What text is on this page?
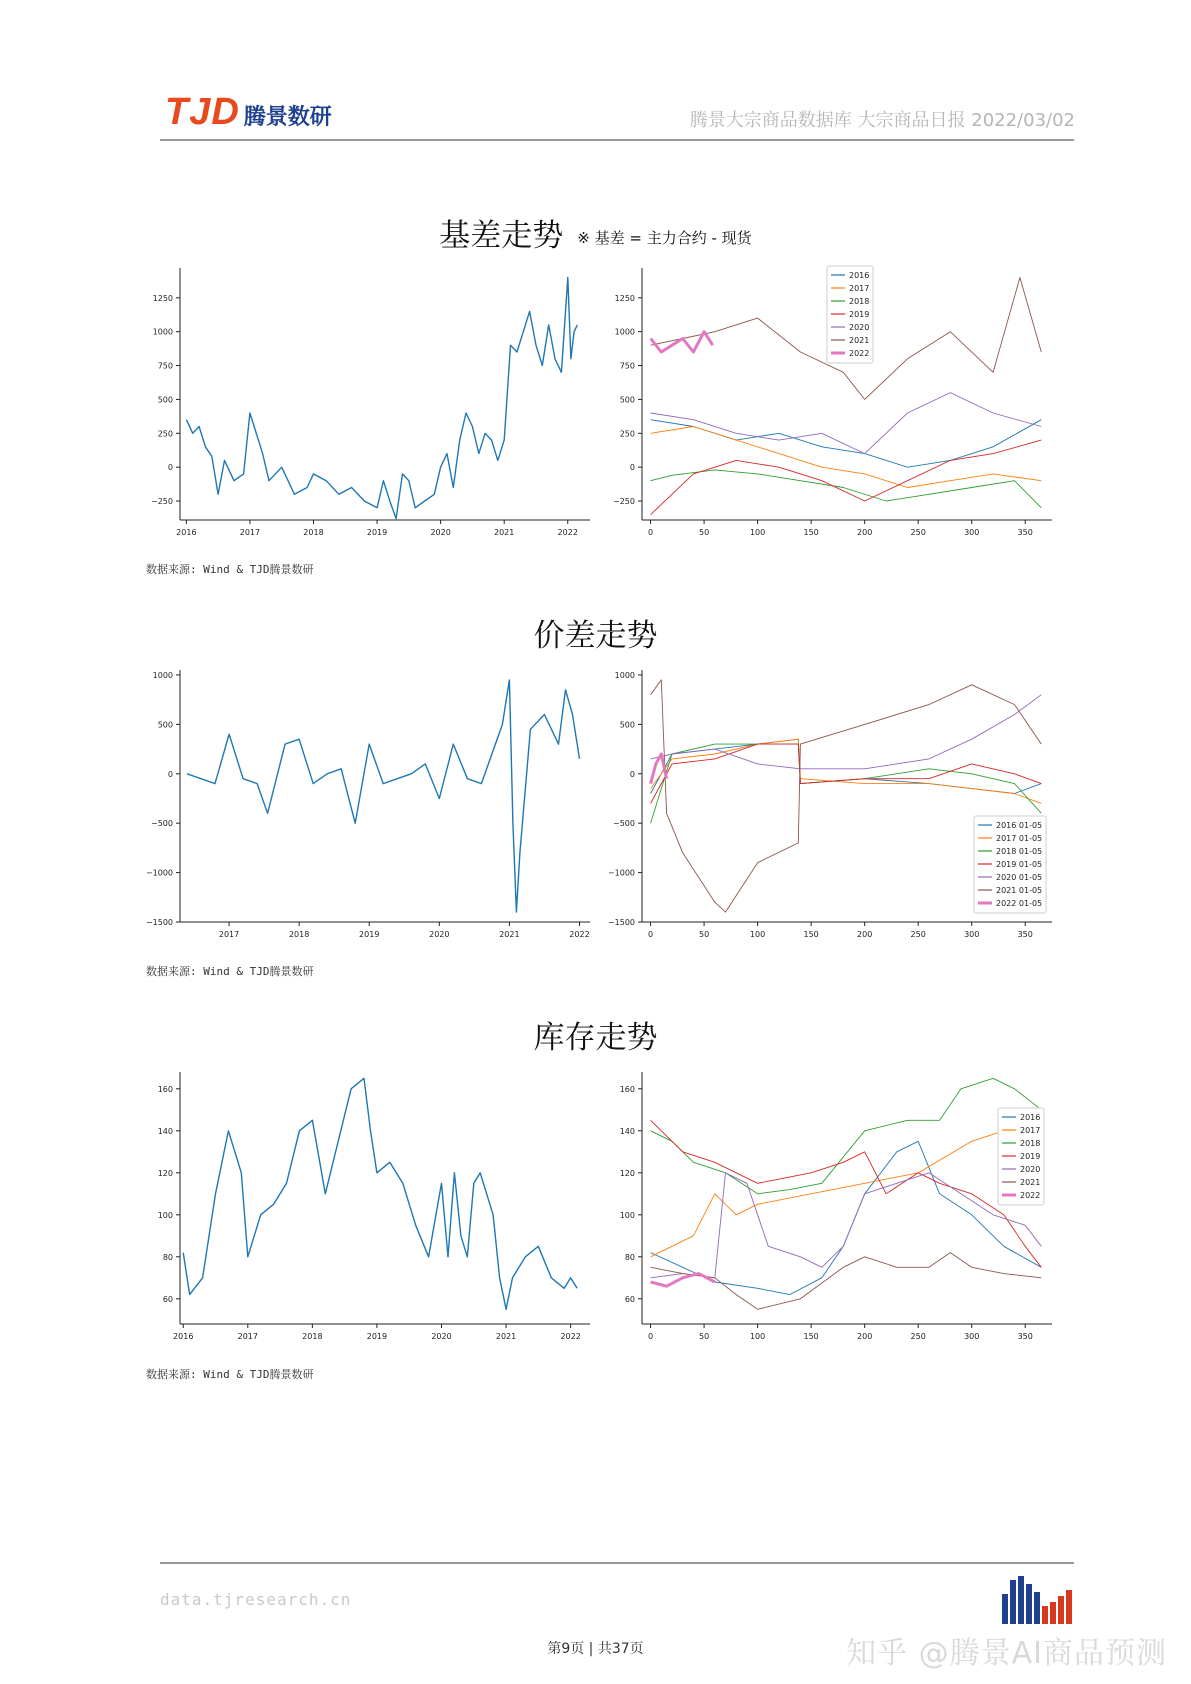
TJD 腾景数研	腾景大宗商品数据库 大宗商品日报 2022/03/02
基差走势 ※ 基差 = 主力合约 - 现货
价差走势
库存走势
2016	2017	2018	2019	2020	2021	2022
−250
0
250
500
750
1000
1250
0	50	100	150	200	250	300	350
−250
0
250
500
750
1000
1250
2016
2017
2018
2019
2020
2021
2022
2017	2018	2019	2020	2021	2022
−1500
−1000
−500
0
500
1000
0	50	100	150	200	250	300	350
−1500
−1000
−500
0
500
1000
2016 01-05
2017 01-05
2018 01-05
2019 01-05
2020 01-05
2021 01-05
2022 01-05
2016	2017	2018	2019	2020	2021	2022
60
80
100
120
140
160
0	50	100	150	200	250	300	350
60
80
100
120
140
160
2016
2017
2018
2019
2020
2021
2022
数据来源: Wind & TJD腾景数研
数据来源: Wind & TJD腾景数研
数据来源: Wind & TJD腾景数研
data.tjresearch.cn
第9页 | 共37页	知乎 @腾景AI商品预测
